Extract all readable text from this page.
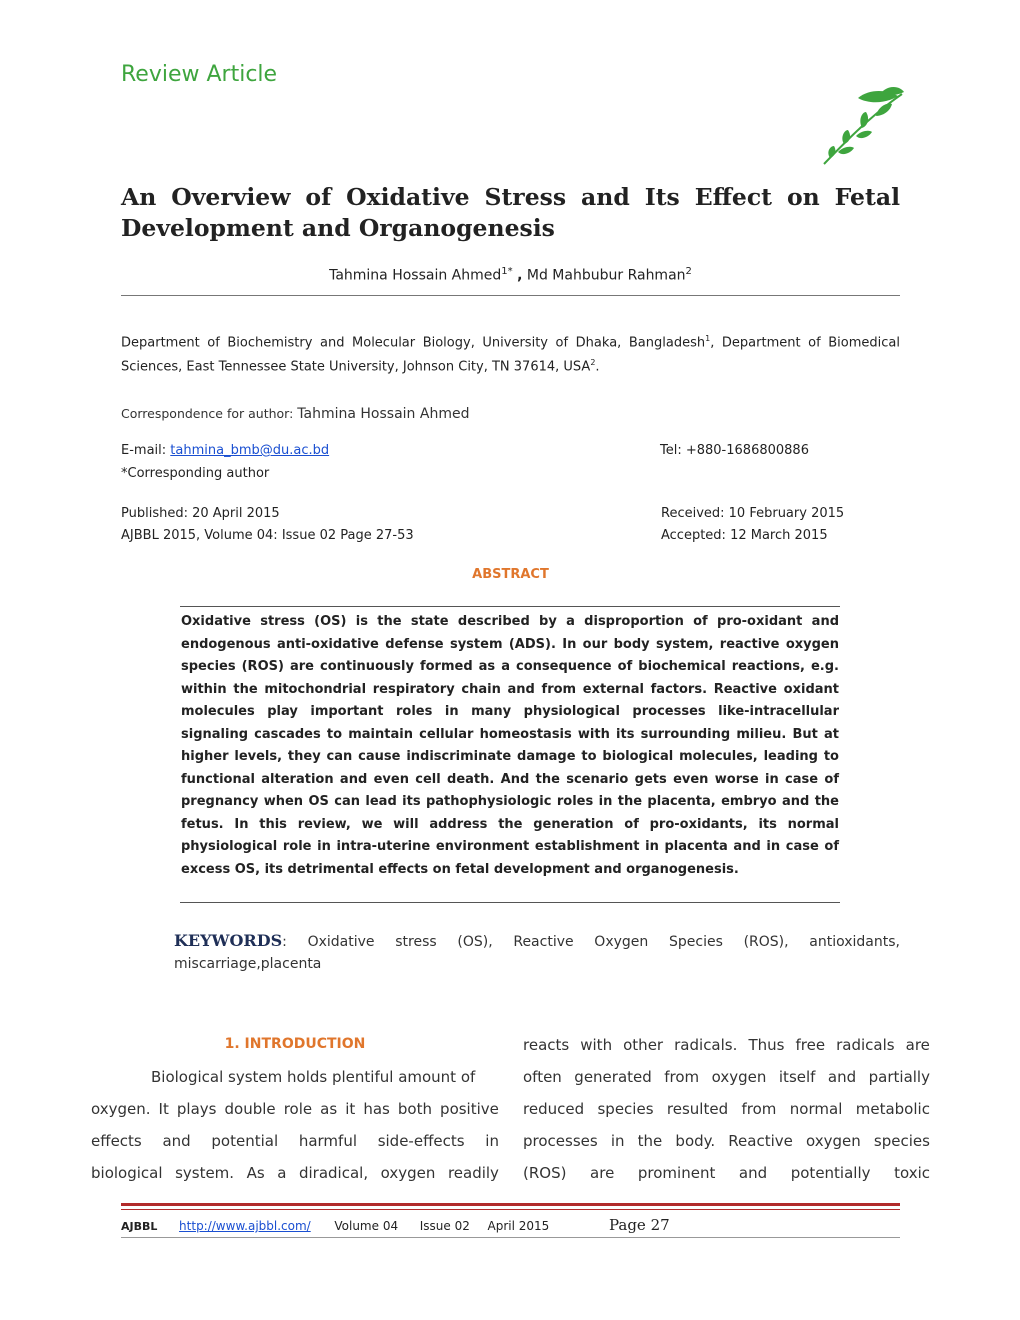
Review Article
An Overview of Oxidative Stress and Its Effect on Fetal Development and Organogenesis
Tahmina Hossain Ahmed$^{1*}$ , Md Mahbubur Rahman$^2$
Department of Biochemistry and Molecular Biology, University of Dhaka, Bangladesh$^1$, Department of Biomedical Sciences, East Tennessee State University, Johnson City, TN 37614, USA$^2$.
Correspondence for author: Tahmina Hossain Ahmed
E-mail: tahmina_bmb@du.ac.bd	Tel: +880-1686800886
*Corresponding author
Published: 20 April 2015	Received: 10 February 2015
AJBBL 2015, Volume 04: Issue 02 Page 27-53	Accepted: 12 March 2015
ABSTRACT
Oxidative stress (OS) is the state described by a disproportion of pro-oxidant and endogenous anti-oxidative defense system (ADS). In our body system, reactive oxygen species (ROS) are continuously formed as a consequence of biochemical reactions, e.g. within the mitochondrial respiratory chain and from external factors. Reactive oxidant molecules play important roles in many physiological processes like-intracellular signaling cascades to maintain cellular homeostasis with its surrounding milieu. But at higher levels, they can cause indiscriminate damage to biological molecules, leading to functional alteration and even cell death. And the scenario gets even worse in case of pregnancy when OS can lead its pathophysiologic roles in the placenta, embryo and the fetus. In this review, we will address the generation of pro-oxidants, its normal physiological role in intra-uterine environment establishment in placenta and in case of excess OS, its detrimental effects on fetal development and organogenesis.
KEYWORDS: Oxidative stress (OS), Reactive Oxygen Species (ROS), antioxidants, miscarriage,placenta
1. INTRODUCTION
Biological system holds plentiful amount of
oxygen. It plays double role as it has both positive
effects and potential harmful side-effects in
biological system. As a diradical, oxygen readily
reacts with other radicals. Thus free radicals are
often generated from oxygen itself and partially
reduced species resulted from normal metabolic
processes in the body. Reactive oxygen species
(ROS) are prominent and potentially toxic
AJBBL http://www.ajbbl.com/ Volume 04 Issue 02 April 2015	Page 27
